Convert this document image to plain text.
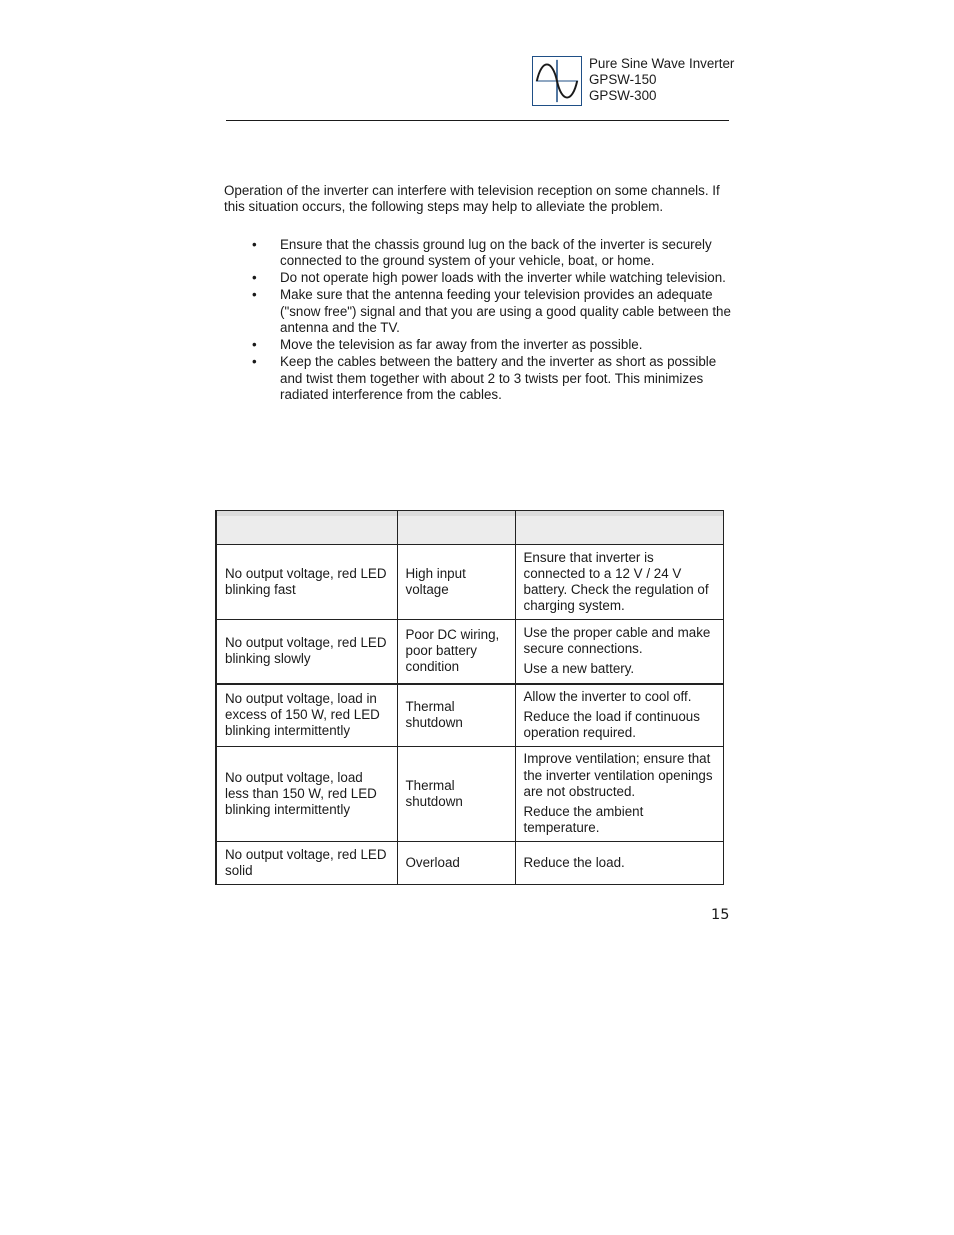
Pure Sine Wave Inverter
GPSW-150
GPSW-300

Operation of the inverter can interfere with television reception on some channels. If this situation occurs, the following steps may help to alleviate the problem.

• Ensure that the chassis ground lug on the back of the inverter is securely connected to the ground system of your vehicle, boat, or home.
• Do not operate high power loads with the inverter while watching television.
• Make sure that the antenna feeding your television provides an adequate ("snow free") signal and that you are using a good quality cable between the antenna and the TV.
• Move the television as far away from the inverter as possible.
• Keep the cables between the battery and the inverter as short as possible and twist them together with about 2 to 3 twists per foot. This minimizes radiated interference from the cables.

No output voltage, red LED blinking fast	High input voltage	Ensure that inverter is connected to a 12 V / 24 V battery. Check the regulation of charging system.

No output voltage, red LED blinking slowly	Poor DC wiring, poor battery condition	Use the proper cable and make secure connections.

Use a new battery.

No output voltage, load in excess of 150 W, red LED blinking intermittently	Thermal shutdown	Allow the inverter to cool off.

Reduce the load if continuous operation required.

No output voltage, load less than 150 W, red LED blinking intermittently	Thermal shutdown	Improve ventilation; ensure that the inverter ventilation openings are not obstructed.

Reduce the ambient temperature.

No output voltage, red LED solid	Overload	Reduce the load.

15
